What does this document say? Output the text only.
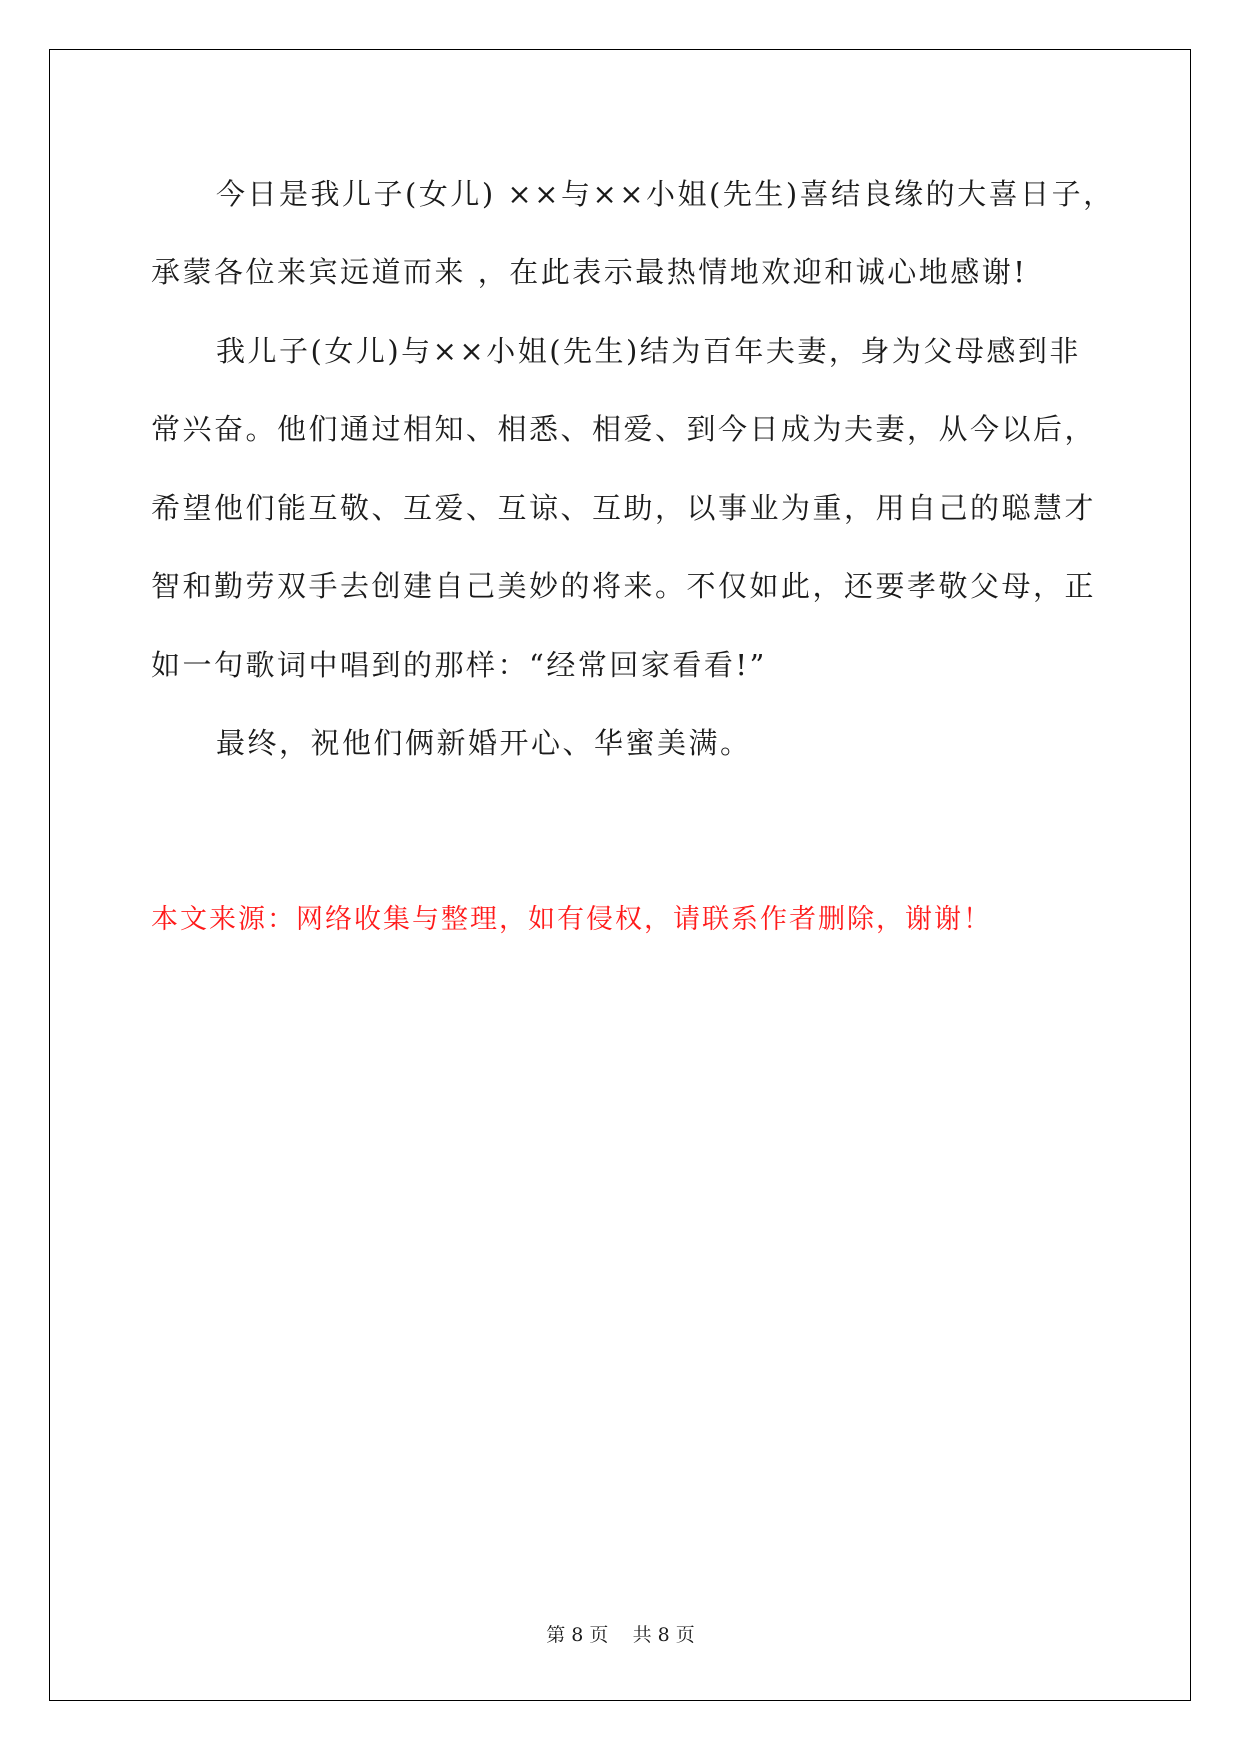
今日是我儿子(女儿) ××与××小姐(先生)喜结良缘的大喜日子，
承蒙各位来宾远道而来 ，在此表示最热情地欢迎和诚心地感谢!
我儿子(女儿)与××小姐(先生)结为百年夫妻，身为父母感到非
常兴奋。他们通过相知、相悉、相爱、到今日成为夫妻，从今以后，
希望他们能互敬、互爱、互谅、互助，以事业为重，用自己的聪慧才
智和勤劳双手去创建自己美妙的将来。不仅如此，还要孝敬父母，正
如一句歌词中唱到的那样：“经常回家看看!”
最终，祝他们俩新婚开心、华蜜美满。
本文来源：网络收集与整理，如有侵权，请联系作者删除，谢谢！
第 8 页    共 8 页
